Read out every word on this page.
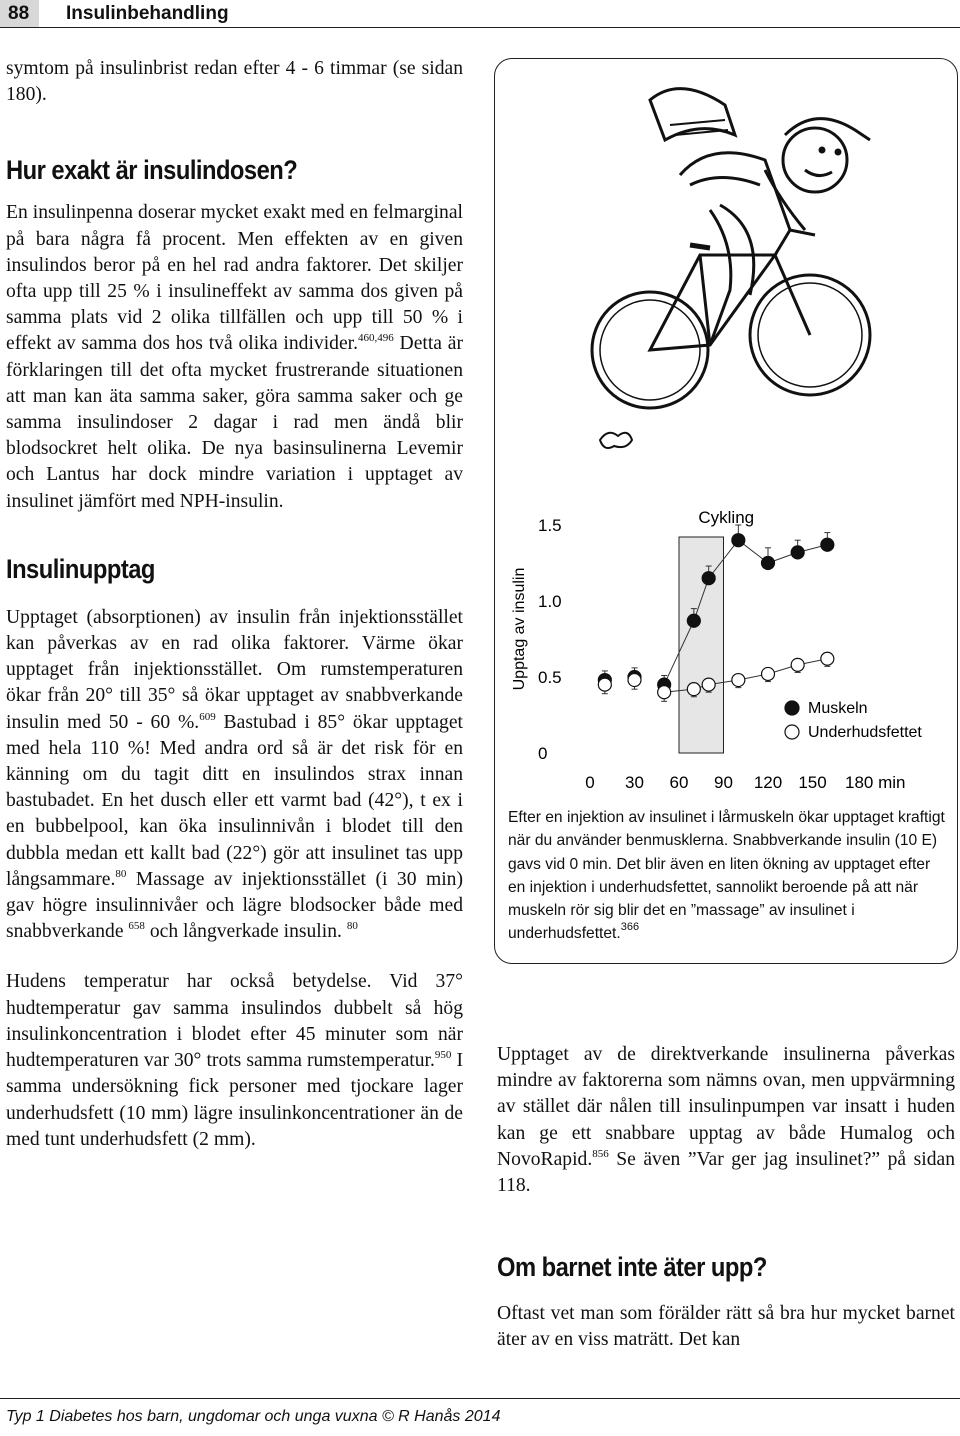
88	Insulinbehandling

symtom på insulinbrist redan efter 4 - 6 timmar (se sidan 180).

Hur exakt är insulindosen?

En insulinpenna doserar mycket exakt med en felmarginal på bara några få procent. Men effekten av en given insulindos beror på en hel rad andra faktorer. Det skiljer ofta upp till 25 % i insulineffekt av samma dos given på samma plats vid 2 olika tillfällen och upp till 50 % i effekt av samma dos hos två olika individer.$^{460,496}$ Detta är förklaringen till det ofta mycket frustrerande situationen att man kan äta samma saker, göra samma saker och ge samma insulindoser 2 dagar i rad men ändå blir blodsockret helt olika. De nya basinsulinerna Levemir och Lantus har dock mindre variation i upptaget av insulinet jämfört med NPH-insulin.

Insulinupptag

Upptaget (absorptionen) av insulin från injektionsstället kan påverkas av en rad olika faktorer. Värme ökar upptaget från injektionsstället. Om rumstemperaturen ökar från 20° till 35° så ökar upptaget av snabbverkande insulin med 50 - 60 %.$^{609}$ Bastubad i 85° ökar upptaget med hela 110 %! Med andra ord så är det risk för en känning om du tagit ditt en insulindos strax innan bastubadet. En het dusch eller ett varmt bad (42°), t ex i en bubbelpool, kan öka insulinnivån i blodet till den dubbla medan ett kallt bad (22°) gör att insulinet tas upp långsammare.$^{80}$ Massage av injektionsstället (i 30 min) gav högre insulinnivåer och lägre blodsocker både med snabbverkande $^{658}$ och långverkade insulin. $^{80}$

Hudens temperatur har också betydelse. Vid 37° hudtemperatur gav samma insulindos dubbelt så hög insulinkoncentration i blodet efter 45 minuter som när hudtemperaturen var 30° trots samma rumstemperatur.$^{950}$ I samma undersökning fick personer med tjockare lager underhudsfett (10 mm) lägre insulinkoncentrationer än de med tunt underhudsfett (2 mm).

Cykling
Upptag av insulin
0
0.5
1.0
1.5
0 30 60 90 120 150 180 min
Muskeln
Underhudsfettet
Efter en injektion av insulinet i lårmuskeln ökar upptaget kraftigt när du använder benmusklerna. Snabbverkande insulin (10 E) gavs vid 0 min. Det blir även en liten ökning av upptaget efter en injektion i underhudsfettet, sannolikt beroende på att när muskeln rör sig blir det en ”massage” av insulinet i underhudsfettet.$^{366}$

Upptaget av de direktverkande insulinerna påverkas mindre av faktorerna som nämns ovan, men uppvärmning av stället där nålen till insulinpumpen var insatt i huden kan ge ett snabbare upptag av både Humalog och NovoRapid.$^{856}$ Se även ”Var ger jag insulinet?” på sidan 118.

Om barnet inte äter upp?

Oftast vet man som förälder rätt så bra hur mycket barnet äter av en viss maträtt. Det kan

Typ 1 Diabetes hos barn, ungdomar och unga vuxna © R Hanås 2014
